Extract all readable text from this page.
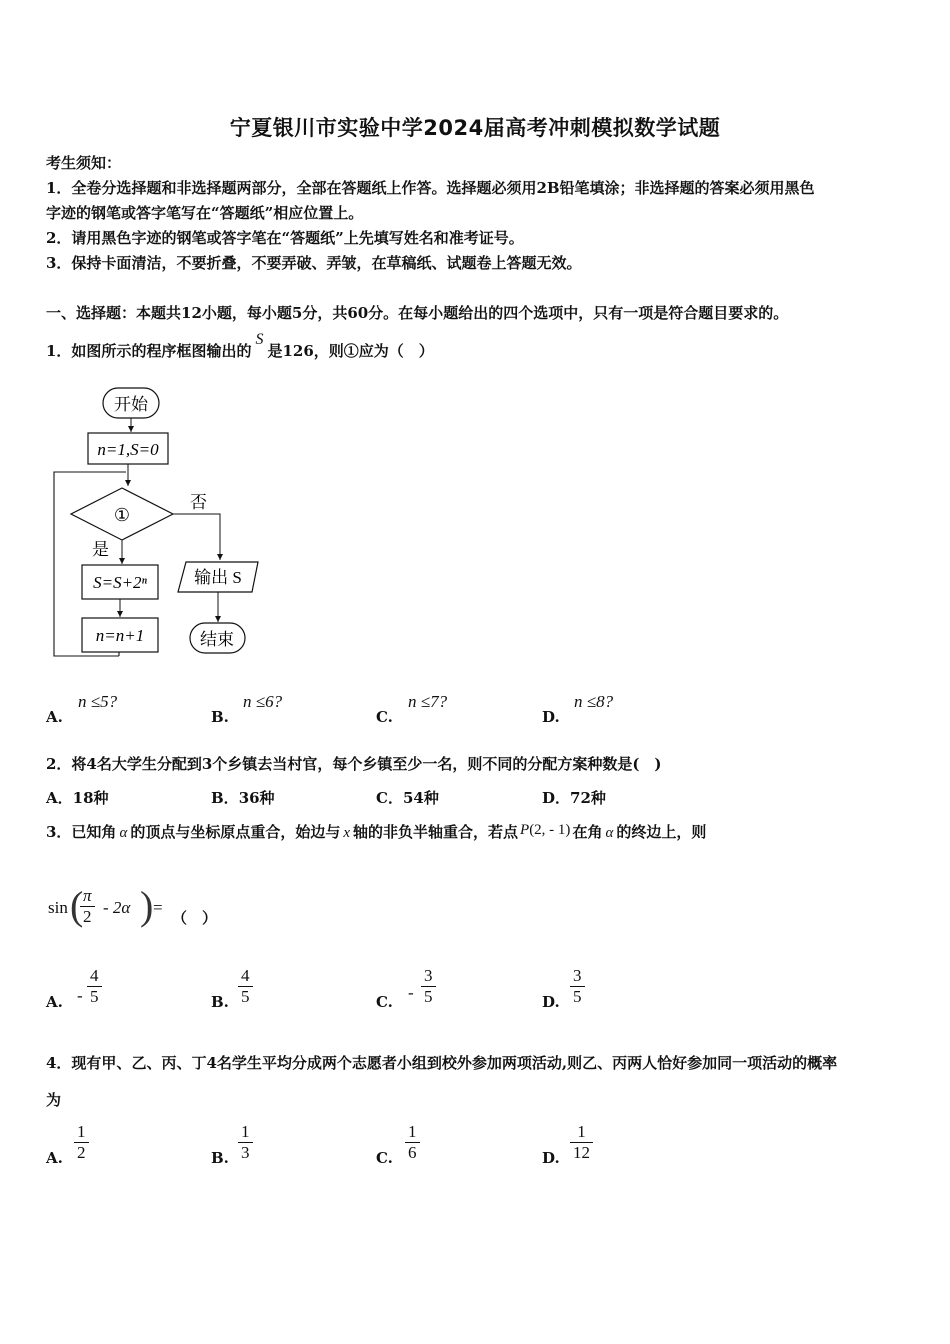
宁夏银川市实验中学2024届高考冲刺模拟数学试题
考生须知：
1．全卷分选择题和非选择题两部分，全部在答题纸上作答。选择题必须用2B铅笔填涂；非选择题的答案必须用黑色
字迹的钢笔或答字笔写在“答题纸”相应位置上。
2．请用黑色字迹的钢笔或答字笔在“答题纸”上先填写姓名和准考证号。
3．保持卡面清洁，不要折叠，不要弄破、弄皱，在草稿纸、试题卷上答题无效。
一、选择题：本题共12小题，每小题5分，共60分。在每小题给出的四个选项中，只有一项是符合题目要求的。
1．如图所示的程序框图输出的S是126，则①应为（　）
开始
n=1,S=0
①
否
是
S=S+2ⁿ
n=n+1
输出 S
结束
A.
n ≤5?
B.
n ≤6?
C.
n ≤7?
D.
n ≤8?
2．将4名大学生分配到3个乡镇去当村官，每个乡镇至少一名，则不同的分配方案种数是(　)
A．18种	B．36种	C．54种	D．72种
3．已知角 α 的顶点与坐标原点重合，始边与 x 轴的非负半轴重合，若点 P(2, - 1) 在角 α 的终边上，则
sin (
$\frac{\pi}{2} - 2\alpha$ ) =
（　）
A. - $\frac{4}{5}$	B. $\frac{4}{5}$	C. - $\frac{3}{5}$	D. $\frac{3}{5}$
4．现有甲、乙、丙、丁4名学生平均分成两个志愿者小组到校外参加两项活动,则乙、丙两人恰好参加同一项活动的概率
为
A. $\frac{1}{2}$	B. $\frac{1}{3}$	C. $\frac{1}{6}$	D. $\frac{1}{12}$
